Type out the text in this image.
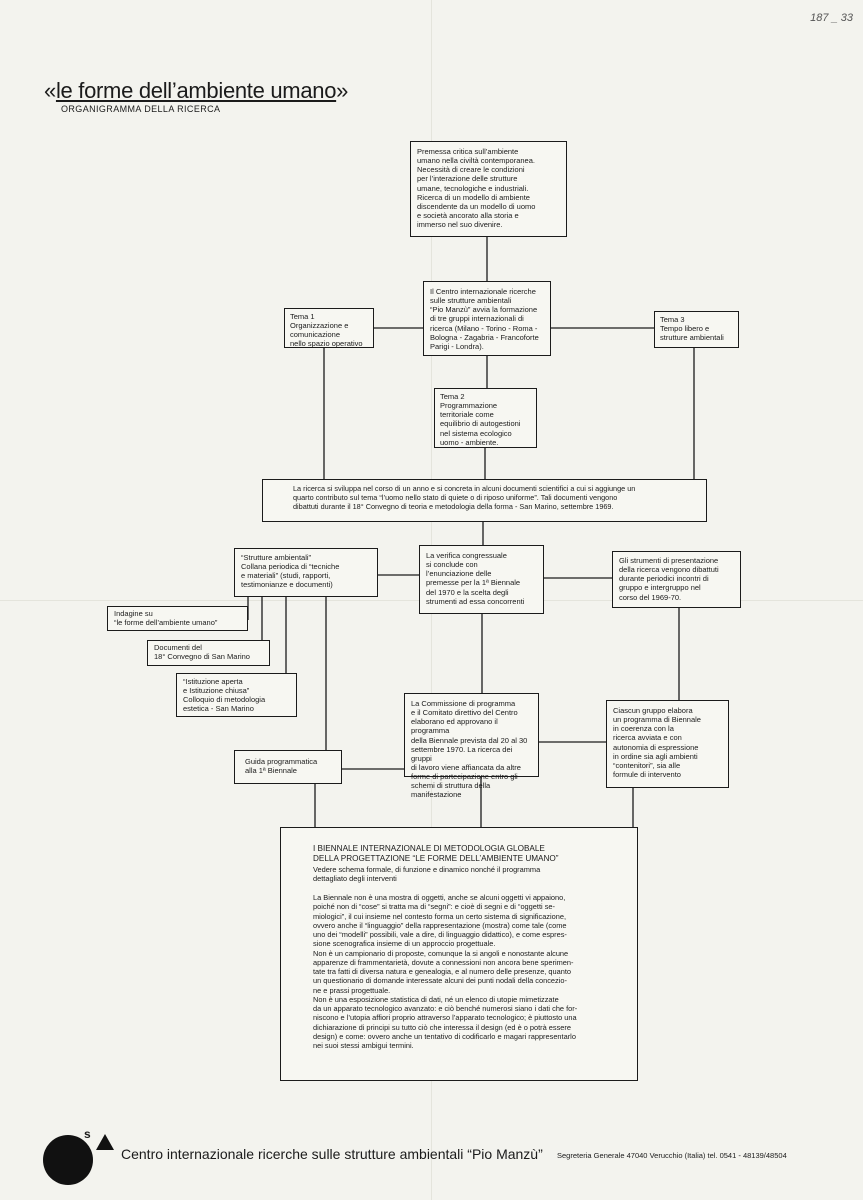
187 _ 33
«le forme dell’ambiente umano»
ORGANIGRAMMA DELLA RICERCA
Premessa critica sull’ambiente
umano nella civiltà contemporanea.
Necessità di creare le condizioni
per l’interazione delle strutture
umane, tecnologiche e industriali.
Ricerca di un modello di ambiente
discendente da un modello di uomo
e società ancorato alla storia e
immerso nel suo divenire.
Il Centro internazionale ricerche
sulle strutture ambientali
“Pio Manzù” avvia la formazione
di tre gruppi internazionali di
ricerca (Milano - Torino - Roma -
Bologna - Zagabria - Francoforte
Parigi - Londra).
Tema 1
Organizzazione e
comunicazione
nello spazio operativo
Tema 3
Tempo libero e
strutture ambientali
Tema 2
Programmazione
territoriale come
equilibrio di autogestioni
nel sistema ecologico
uomo - ambiente.
La ricerca si sviluppa nel corso di un anno e si concreta in alcuni documenti scientifici a cui si aggiunge un
quarto contributo sul tema “l’uomo nello stato di quiete o di riposo uniforme”. Tali documenti vengono
dibattuti durante il 18° Convegno di teoria e metodologia della forma - San Marino, settembre 1969.
“Strutture ambientali”
Collana periodica di “tecniche
e materiali” (studi, rapporti,
testimonianze e documenti)
La verifica congressuale
si conclude con
l’enunciazione delle
premesse per la 1ª Biennale
del 1970 e la scelta degli
strumenti ad essa concorrenti
Gli strumenti di presentazione
della ricerca vengono dibattuti
durante periodici incontri di
gruppo e intergruppo nel
corso del 1969-70.
Indagine su
“le forme dell’ambiente umano”
Documenti del
18° Convegno di San Marino
“Istituzione aperta
e Istituzione chiusa”
Colloquio di metodologia
estetica - San Marino
La Commissione di programma
e il Comitato direttivo del Centro
elaborano ed approvano il programma
della Biennale prevista dal 20 al 30
settembre 1970. La ricerca dei gruppi
di lavoro viene affiancata da altre
forme di partecipazione entro gli
schemi di struttura della manifestazione
Ciascun gruppo elabora
un programma di Biennale
in coerenza con la
ricerca avviata e con
autonomia di espressione
in ordine sia agli ambienti
“contenitori”, sia alle
formule di intervento
Guida programmatica
alla 1ª Biennale
I BIENNALE INTERNAZIONALE DI METODOLOGIA GLOBALE
DELLA PROGETTAZIONE “LE FORME DELL’AMBIENTE UMANO”
Vedere schema formale, di funzione e dinamico nonché il programma
dettagliato degli interventi
La Biennale non è una mostra di oggetti, anche se alcuni oggetti vi appaiono,
poiché non di “cose” si tratta ma di “segni”: e cioè di segni e di “oggetti se-
miologici”, il cui insieme nel contesto forma un certo sistema di significazione,
ovvero anche il “linguaggio” della rappresentazione (mostra) come tale (come
uno dei “modelli” possibili, vale a dire, di linguaggio didattico), e come espres-
sione scenografica insieme di un approccio progettuale.
Non è un campionario di proposte, comunque la si angoli e nonostante alcune
apparenze di frammentarietà, dovute a connessioni non ancora bene sperimen-
tate tra fatti di diversa natura e genealogia, e al numero delle presenze, quanto
un questionario di domande interessate alcuni dei punti nodali della concezio-
ne e prassi progettuale.
Non è una esposizione statistica di dati, né un elenco di utopie mimetizzate
da un apparato tecnologico avanzato: e ciò benché numerosi siano i dati che for-
niscono e l’utopia affiori proprio attraverso l’apparato tecnologico; è piuttosto una
dichiarazione di principi su tutto ciò che interessa il design (ed è o potrà essere
design) e come: ovvero anche un tentativo di codificarlo e magari rappresentarlo
nei suoi stessi ambigui termini.
s
Centro internazionale ricerche sulle strutture ambientali “Pio Manzù” Segreteria Generale 47040 Verucchio (Italia) tel. 0541 - 48139/48504
